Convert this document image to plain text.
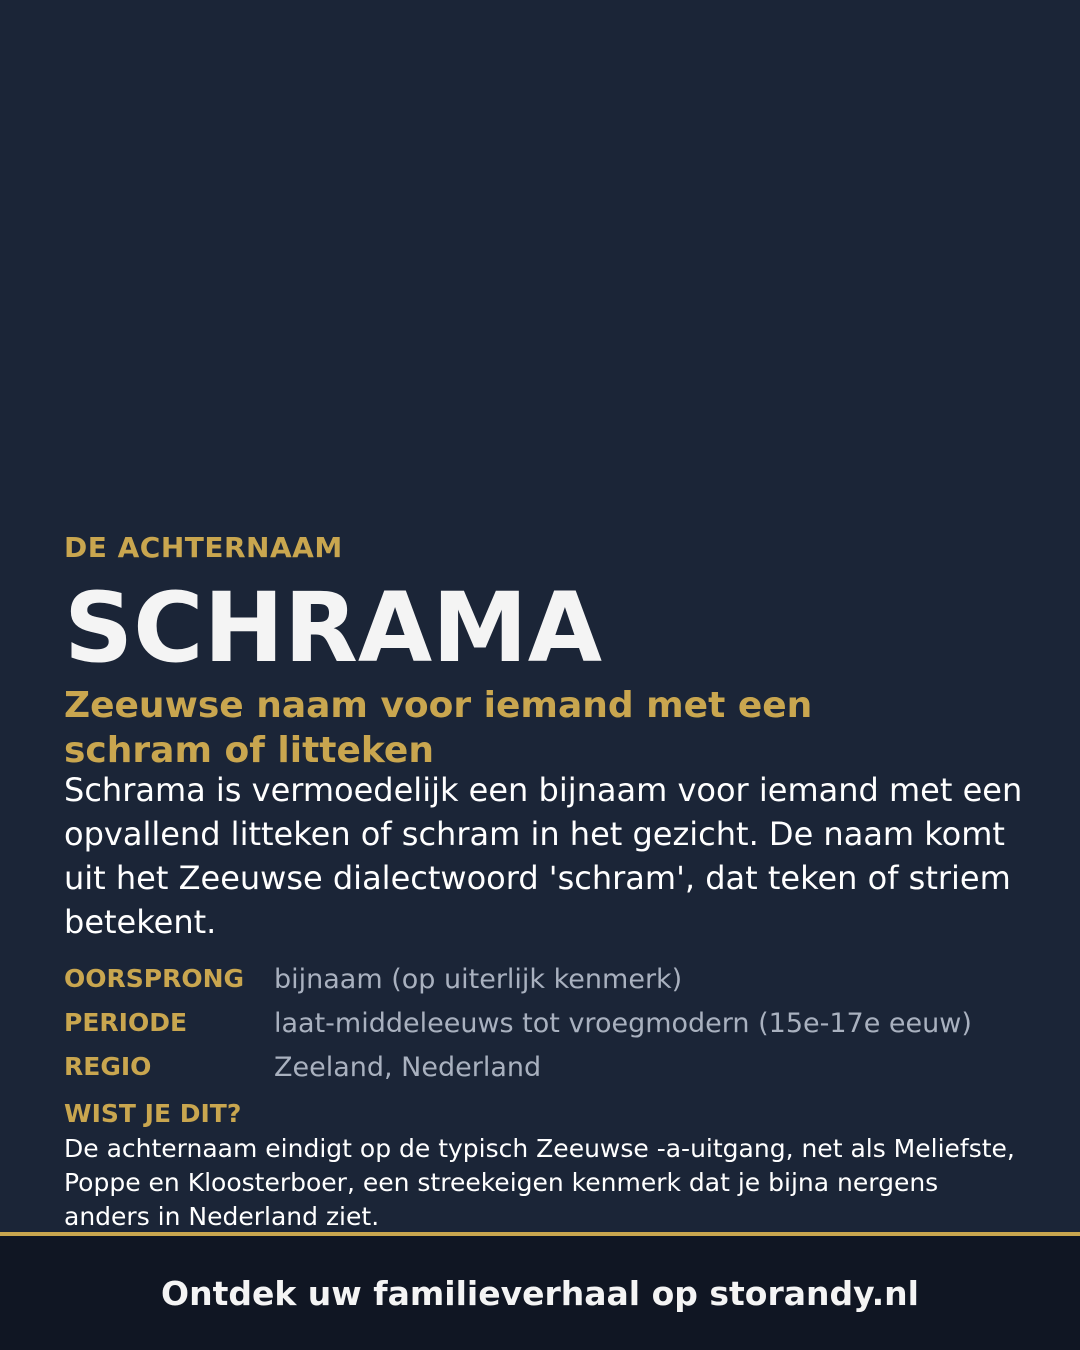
DE ACHTERNAAM
SCHRAMA
Zeeuwse naam voor iemand met een schram of litteken
Schrama is vermoedelijk een bijnaam voor iemand met een opvallend litteken of schram in het gezicht. De naam komt uit het Zeeuwse dialectwoord 'schram', dat teken of striem betekent.
OORSPRONG bijnaam (op uiterlijk kenmerk)
PERIODE	laat-middeleeuws tot vroegmodern (15e-17e eeuw)
REGIO	Zeeland, Nederland
WIST JE DIT?
De achternaam eindigt op de typisch Zeeuwse -a-uitgang, net als Meliefste, Poppe en Kloosterboer, een streekeigen kenmerk dat je bijna nergens anders in Nederland ziet.
Ontdek uw familieverhaal op storandy.nl
